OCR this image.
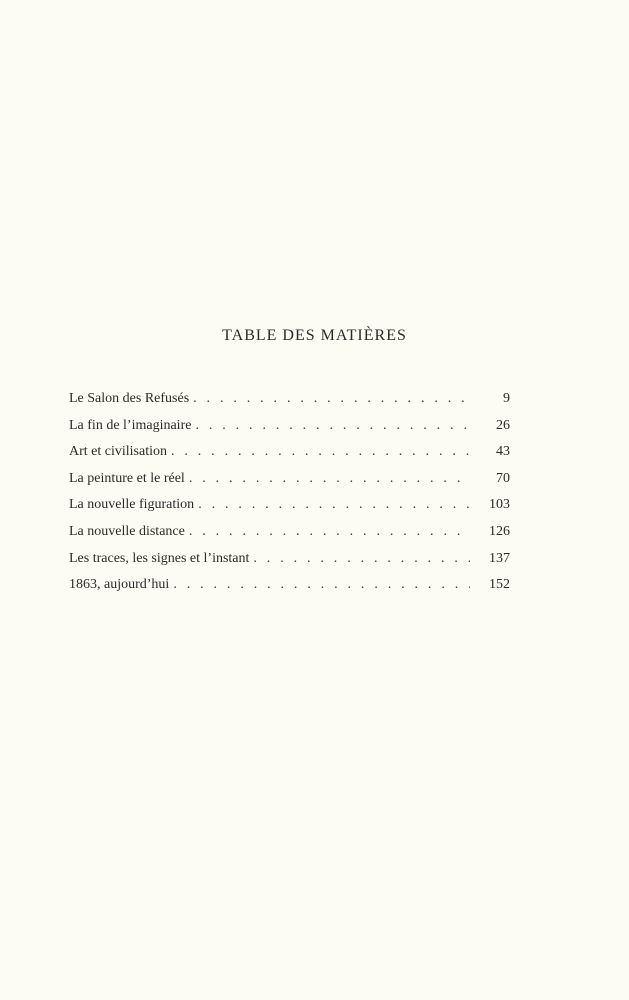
TABLE DES MATIÈRES
Le Salon des Refusés . . .	9
La fin de l’imaginaire . . .	26
Art et civilisation . . .	43
La peinture et le réel . . .	70
La nouvelle figuration . . .	103
La nouvelle distance . . .	126
Les traces, les signes et l’instant . . .	137
1863, aujourd’hui . . .	152
